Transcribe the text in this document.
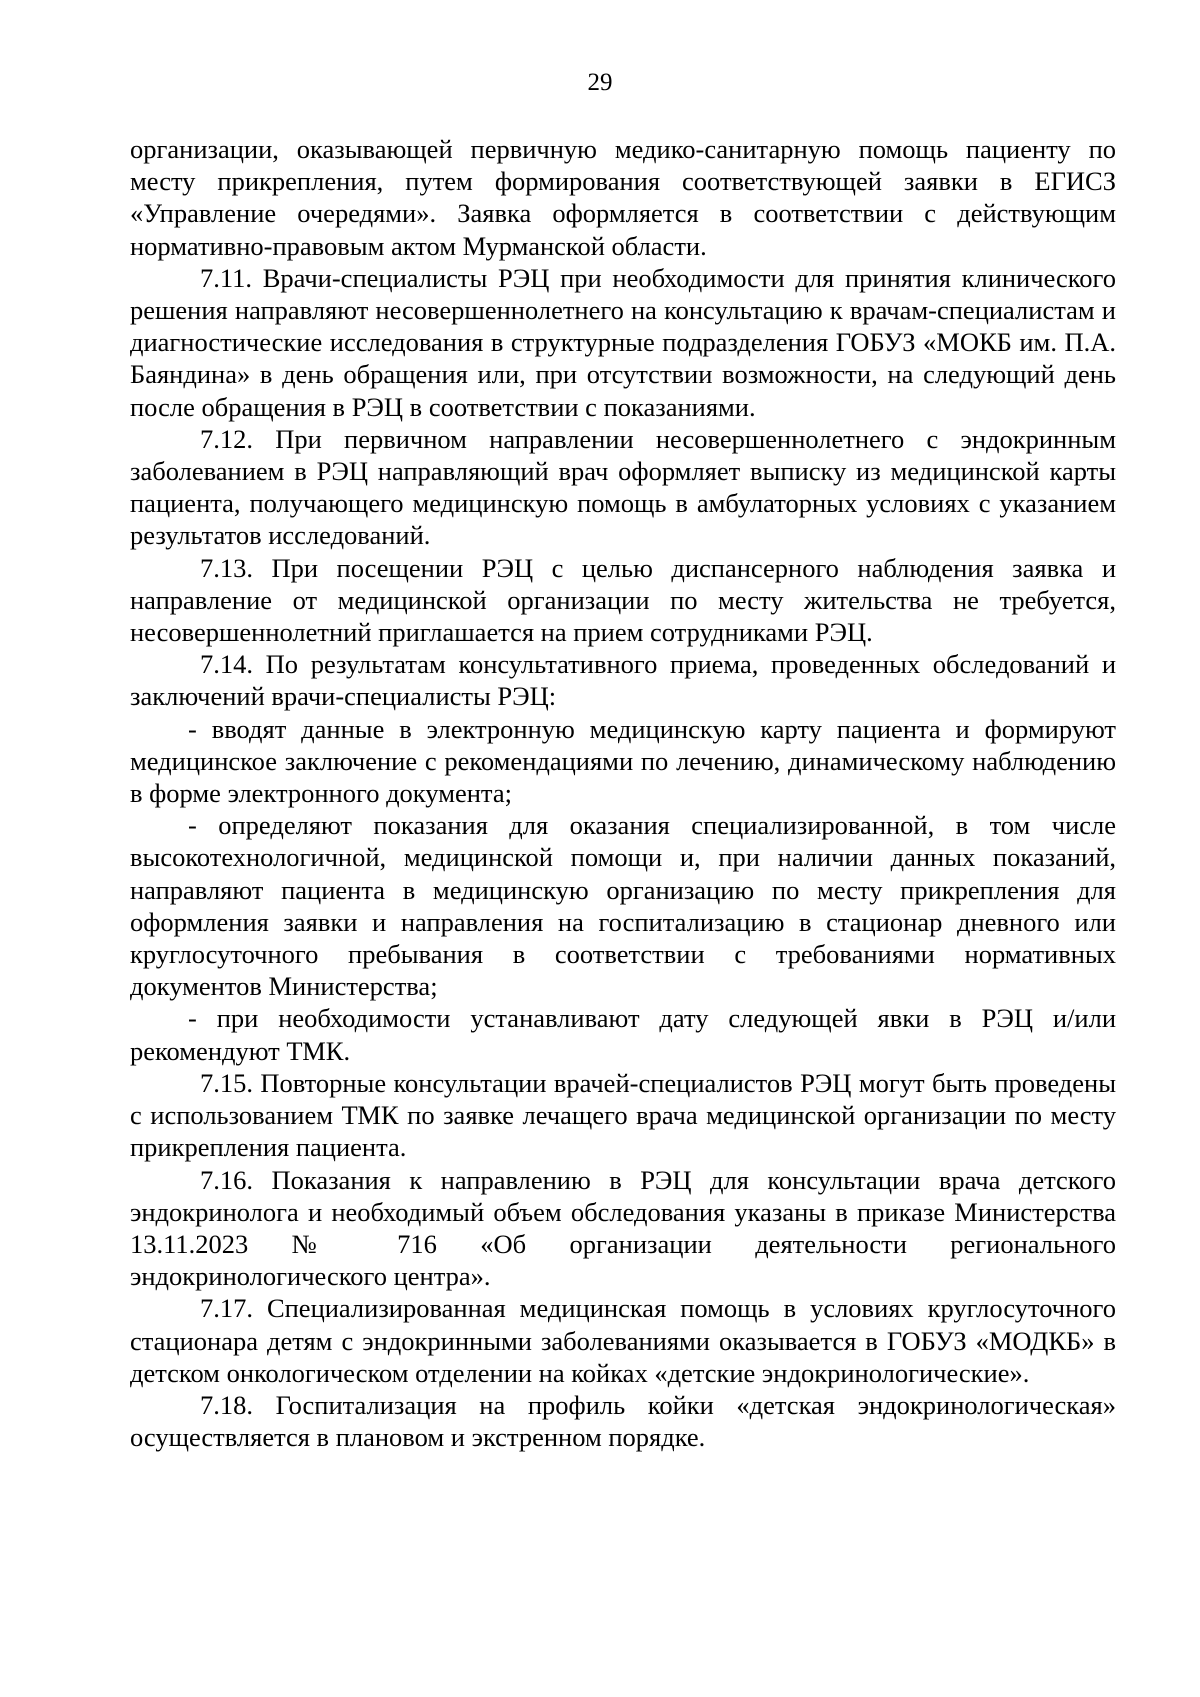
29

организации, оказывающей первичную медико-санитарную помощь пациенту по месту прикрепления, путем формирования соответствующей заявки в ЕГИСЗ «Управление очередями». Заявка оформляется в соответствии с действующим нормативно-правовым актом Мурманской области.

7.11. Врачи-специалисты РЭЦ при необходимости для принятия клинического решения направляют несовершеннолетнего на консультацию к врачам-специалистам и диагностические исследования в структурные подразделения ГОБУЗ «МОКБ им. П.А. Баяндина» в день обращения или, при отсутствии возможности, на следующий день после обращения в РЭЦ в соответствии с показаниями.

7.12. При первичном направлении несовершеннолетнего с эндокринным заболеванием в РЭЦ направляющий врач оформляет выписку из медицинской карты пациента, получающего медицинскую помощь в амбулаторных условиях с указанием результатов исследований.

7.13. При посещении РЭЦ с целью диспансерного наблюдения заявка и направление от медицинской организации по месту жительства не требуется, несовершеннолетний приглашается на прием сотрудниками РЭЦ.

7.14. По результатам консультативного приема, проведенных обследований и заключений врачи-специалисты РЭЦ:

- вводят данные в электронную медицинскую карту пациента и формируют медицинское заключение с рекомендациями по лечению, динамическому наблюдению в форме электронного документа;

- определяют показания для оказания специализированной, в том числе высокотехнологичной, медицинской помощи и, при наличии данных показаний, направляют пациента в медицинскую организацию по месту прикрепления для оформления заявки и направления на госпитализацию в стационар дневного или круглосуточного пребывания в соответствии с требованиями нормативных документов Министерства;

- при необходимости устанавливают дату следующей явки в РЭЦ и/или рекомендуют ТМК.

7.15. Повторные консультации врачей-специалистов РЭЦ могут быть проведены с использованием ТМК по заявке лечащего врача медицинской организации по месту прикрепления пациента.

7.16. Показания к направлению в РЭЦ для консультации врача детского эндокринолога и необходимый объем обследования указаны в приказе Министерства 13.11.2023 № 716 «Об организации деятельности регионального эндокринологического центра».

7.17. Специализированная медицинская помощь в условиях круглосуточного стационара детям с эндокринными заболеваниями оказывается в ГОБУЗ «МОДКБ» в детском онкологическом отделении на койках «детские эндокринологические».

7.18. Госпитализация на профиль койки «детская эндокринологическая» осуществляется в плановом и экстренном порядке.
